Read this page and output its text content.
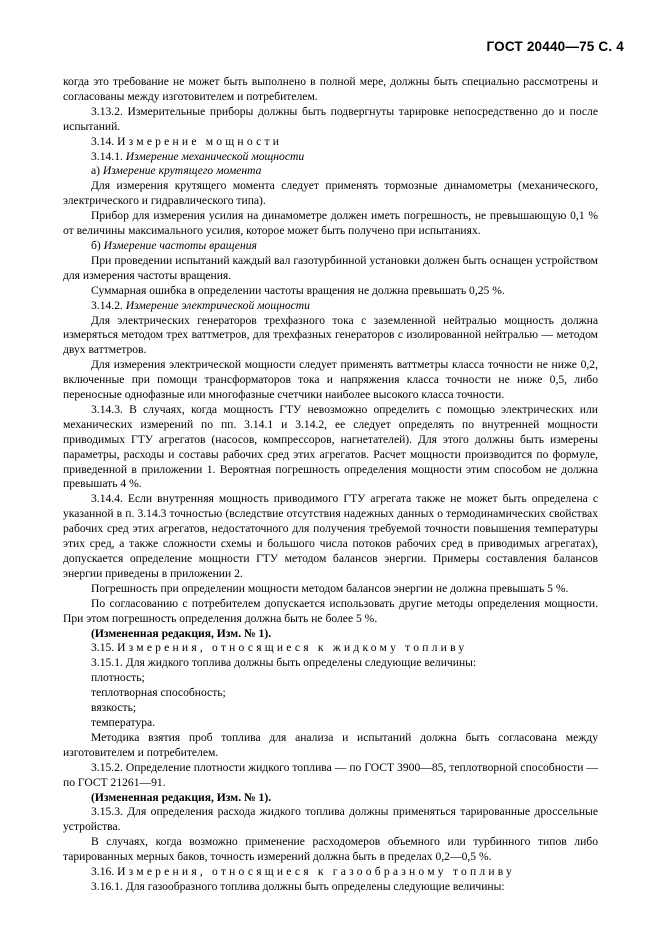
ГОСТ 20440—75 С. 4

когда это требование не может быть выполнено в полной мере, должны быть специально рассмотрены и согласованы между изготовителем и потребителем.

3.13.2. Измерительные приборы должны быть подвергнуты тарировке непосредственно до и после испытаний.

3.14. Измерение мощности

3.14.1. Измерение механической мощности

а) Измерение крутящего момента

Для измерения крутящего момента следует применять тормозные динамометры (механического, электрического и гидравлического типа).

Прибор для измерения усилия на динамометре должен иметь погрешность, не превышающую 0,1 % от величины максимального усилия, которое может быть получено при испытаниях.

б) Измерение частоты вращения

При проведении испытаний каждый вал газотурбинной установки должен быть оснащен устройством для измерения частоты вращения.

Суммарная ошибка в определении частоты вращения не должна превышать 0,25 %.

3.14.2. Измерение электрической мощности

Для электрических генераторов трехфазного тока с заземленной нейтралью мощность должна измеряться методом трех ваттметров, для трехфазных генераторов с изолированной нейтралью — методом двух ваттметров.

Для измерения электрической мощности следует применять ваттметры класса точности не ниже 0,2, включенные при помощи трансформаторов тока и напряжения класса точности не ниже 0,5, либо переносные однофазные или многофазные счетчики наиболее высокого класса точности.

3.14.3. В случаях, когда мощность ГТУ невозможно определить с помощью электрических или механических измерений по пп. 3.14.1 и 3.14.2, ее следует определять по внутренней мощности приводимых ГТУ агрегатов (насосов, компрессоров, нагнетателей). Для этого должны быть измерены параметры, расходы и составы рабочих сред этих агрегатов. Расчет мощности производится по формуле, приведенной в приложении 1. Вероятная погрешность определения мощности этим способом не должна превышать 4 %.

3.14.4. Если внутренняя мощность приводимого ГТУ агрегата также не может быть определена с указанной в п. 3.14.3 точностью (вследствие отсутствия надежных данных о термодинамических свойствах рабочих сред этих агрегатов, недостаточного для получения требуемой точности повышения температуры этих сред, а также сложности схемы и большого числа потоков рабочих сред в приводимых агрегатах), допускается определение мощности ГТУ методом балансов энергии. Примеры составления балансов энергии приведены в приложении 2.

Погрешность при определении мощности методом балансов энергии не должна превышать 5 %.

По согласованию с потребителем допускается использовать другие методы определения мощности. При этом погрешность определения должна быть не более 5 %.

(Измененная редакция, Изм. № 1).

3.15. Измерения, относящиеся к жидкому топливу

3.15.1. Для жидкого топлива должны быть определены следующие величины:

плотность;

теплотворная способность;

вязкость;

температура.

Методика взятия проб топлива для анализа и испытаний должна быть согласована между изготовителем и потребителем.

3.15.2. Определение плотности жидкого топлива — по ГОСТ 3900—85, теплотворной способности — по ГОСТ 21261—91.

(Измененная редакция, Изм. № 1).

3.15.3. Для определения расхода жидкого топлива должны применяться тарированные дроссельные устройства.

В случаях, когда возможно применение расходомеров объемного или турбинного типов либо тарированных мерных баков, точность измерений должна быть в пределах 0,2—0,5 %.

3.16. Измерения, относящиеся к газообразному топливу

3.16.1. Для газообразного топлива должны быть определены следующие величины:
